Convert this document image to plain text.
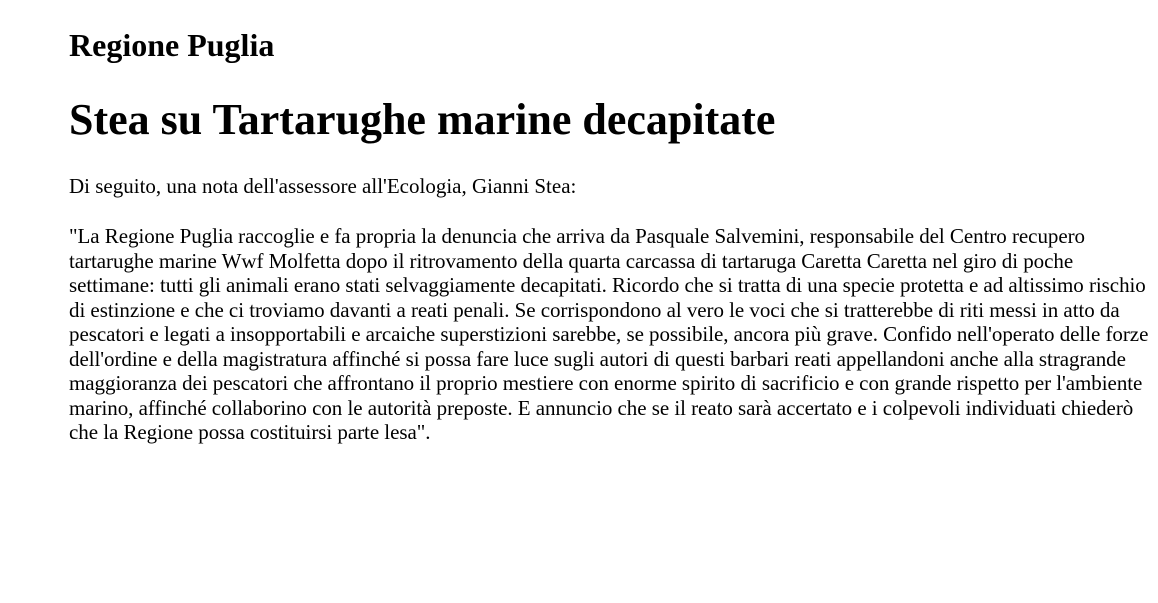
Regione Puglia
Stea su Tartarughe marine decapitate

Di seguito, una nota dell'assessore all'Ecologia, Gianni Stea:

"La Regione Puglia raccoglie e fa propria la denuncia che arriva da Pasquale Salvemini, responsabile del Centro recupero tartarughe marine Wwf Molfetta dopo il ritrovamento della quarta carcassa di tartaruga Caretta Caretta nel giro di poche settimane: tutti gli animali erano stati selvaggiamente decapitati. Ricordo che si tratta di una specie protetta e ad altissimo rischio di estinzione e che ci troviamo davanti a reati penali. Se corrispondono al vero le voci che si tratterebbe di riti messi in atto da pescatori e legati a insopportabili e arcaiche superstizioni sarebbe, se possibile, ancora più grave. Confido nell'operato delle forze dell'ordine e della magistratura affinché si possa fare luce sugli autori di questi barbari reati appellandoni anche alla stragrande maggioranza dei pescatori che affrontano il proprio mestiere con enorme spirito di sacrificio e con grande rispetto per l'ambiente marino, affinché collaborino con le autorità preposte. E annuncio che se il reato sarà accertato e i colpevoli individuati chiederò che la Regione possa costituirsi parte lesa".
